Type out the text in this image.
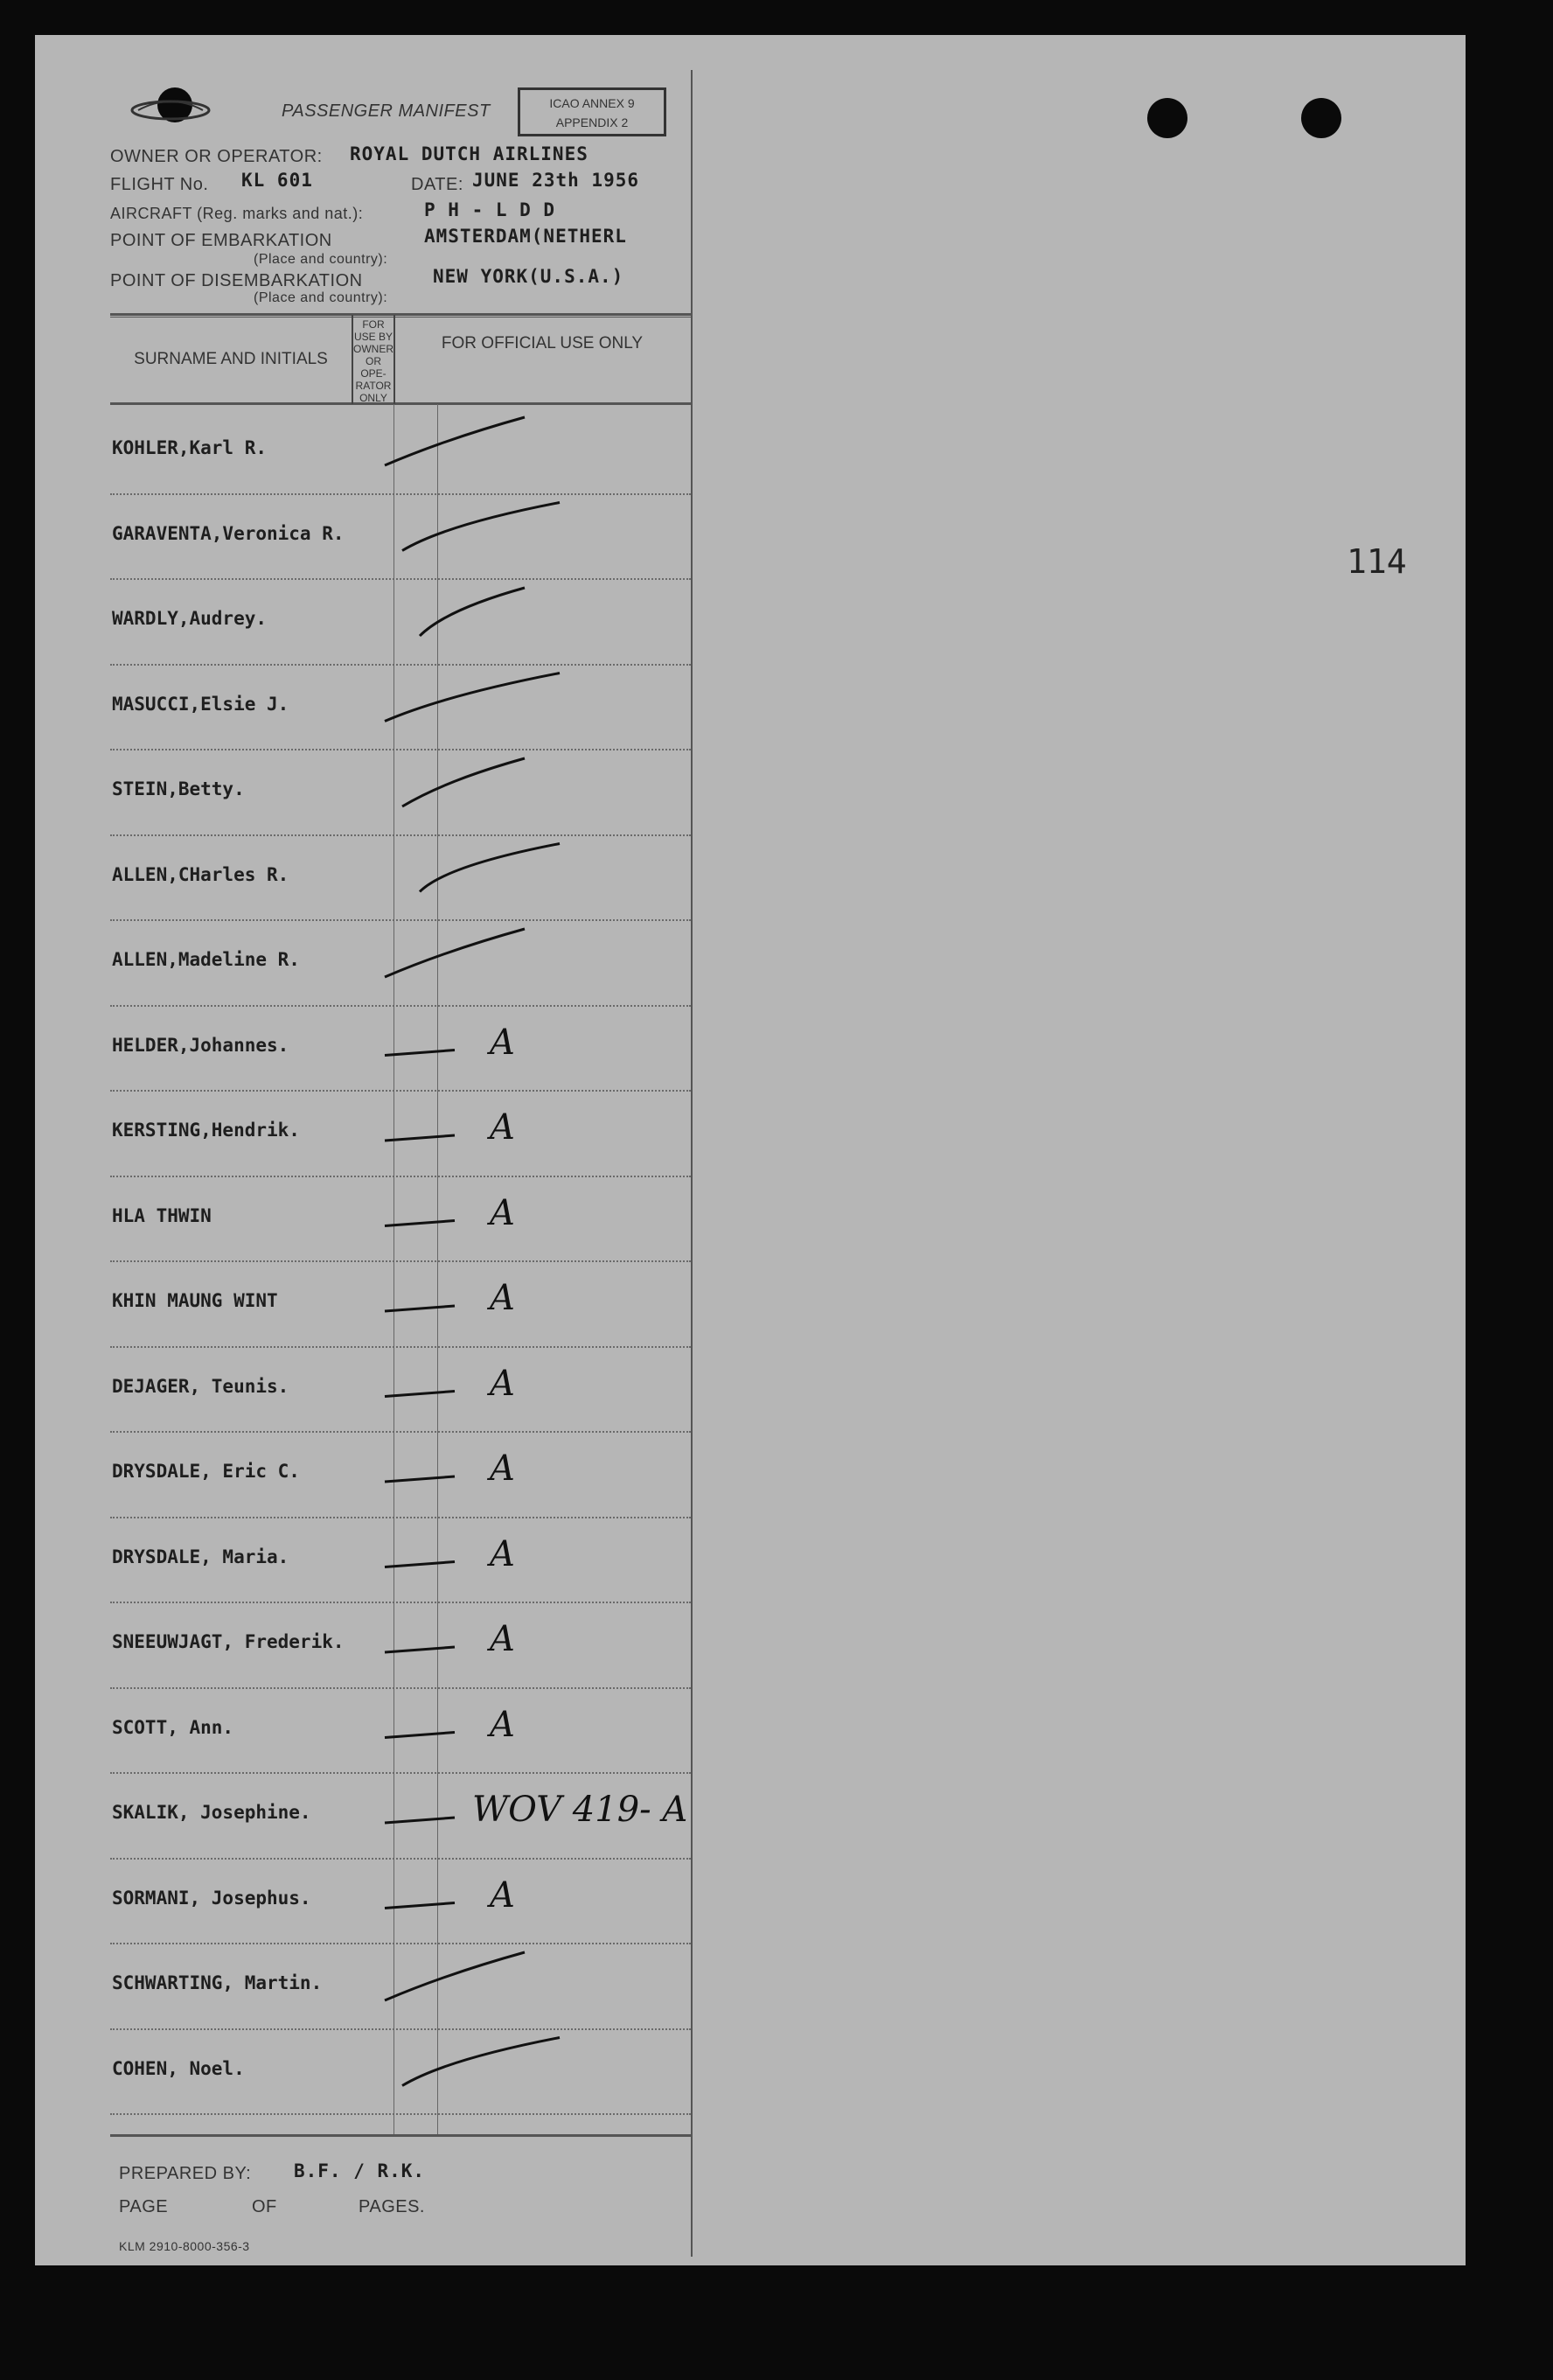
PASSENGER MANIFEST	ICAO ANNEX 9
APPENDIX 2
OWNER OR OPERATOR: ROYAL DUTCH AIRLINES
FLIGHT No. KL 601	DATE: JUNE 23th 1956
AIRCRAFT (Reg. marks and nat.):	P H - L D D
POINT OF EMBARKATION
(Place and country):
AMSTERDAM(NETHERL
POINT OF DISEMBARKATION
(Place and country):
NEW YORK(U.S.A.)
SURNAME AND INITIALS
FOR USE BY OWNER OR OPE- RATOR ONLY
FOR OFFICIAL USE ONLY
KOHLER,Karl R.
GARAVENTA,Veronica R.
WARDLY,Audrey.
MASUCCI,Elsie J.
STEIN,Betty.
ALLEN,CHarles R.
ALLEN,Madeline R.
HELDER,Johannes.	A
KERSTING,Hendrik.	A
HLA THWIN	A
KHIN MAUNG WINT	A
DEJAGER, Teunis.	A
DRYSDALE, Eric C.	A
DRYSDALE, Maria.	A
SNEEUWJAGT, Frederik.	A
SCOTT, Ann.	A
SKALIK, Josephine.	WOV 419- A
SORMANI, Josephus.	A
SCHWARTING, Martin.
COHEN, Noel.
PREPARED BY: B.F. / R.K.
PAGE	OF	PAGES.
KLM 2910-8000-356-3
114
